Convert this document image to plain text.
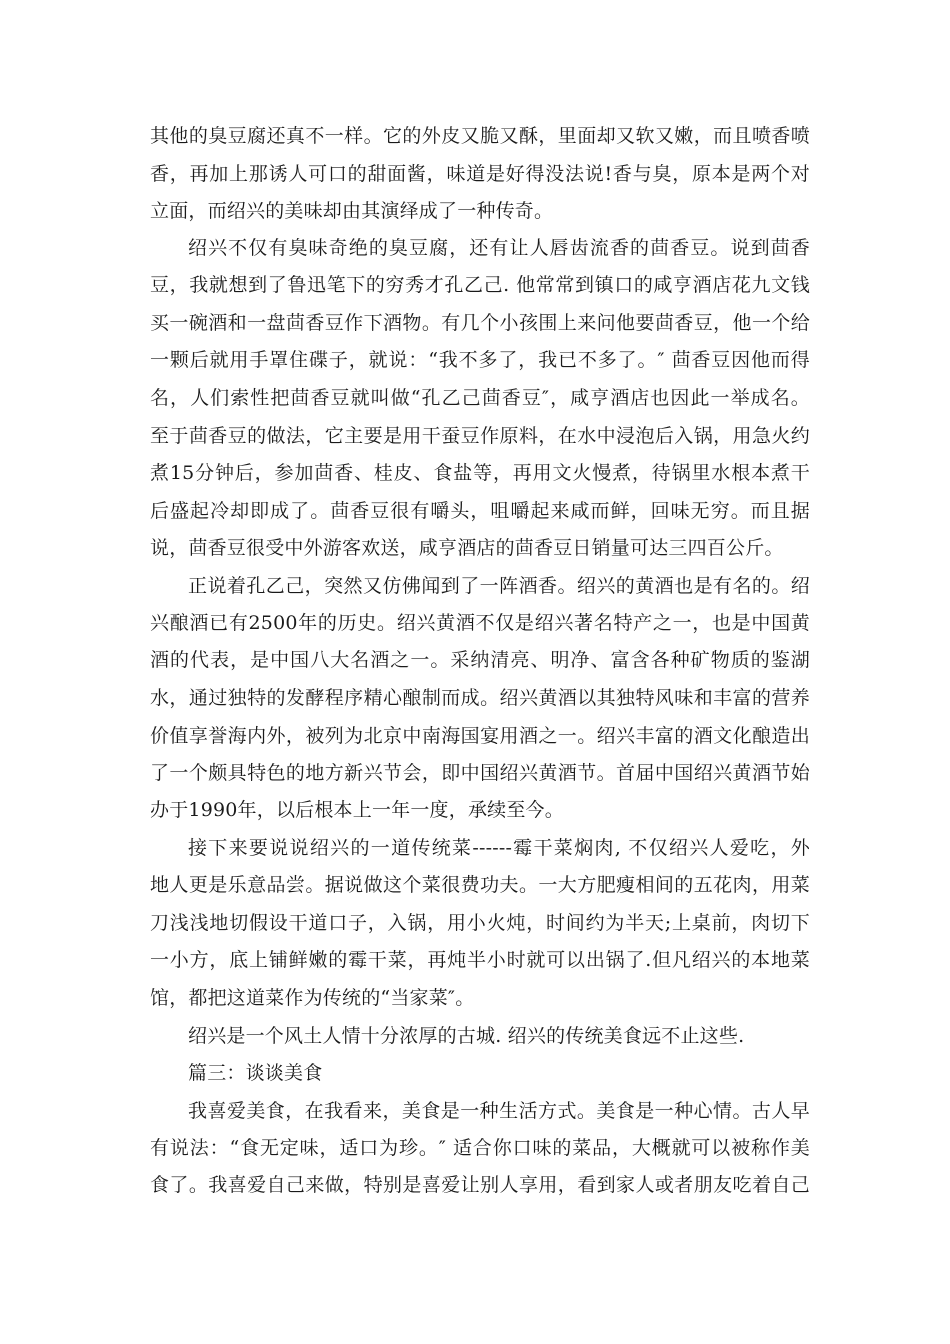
其他的臭豆腐还真不一样。它的外皮又脆又酥，里面却又软又嫩，而且喷香喷
香，再加上那诱人可口的甜面酱，味道是好得没法说!香与臭，原本是两个对
立面，而绍兴的美味却由其演绎成了一种传奇。
绍兴不仅有臭味奇绝的臭豆腐，还有让人唇齿流香的茴香豆。说到茴香
豆，我就想到了鲁迅笔下的穷秀才孔乙己. 他常常到镇口的咸亨酒店花九文钱
买一碗酒和一盘茴香豆作下酒物。有几个小孩围上来问他要茴香豆，他一个给
一颗后就用手罩住碟子，就说：“我不多了，我已不多了。″ 茴香豆因他而得
名，人们索性把茴香豆就叫做“孔乙己茴香豆″，咸亨酒店也因此一举成名。
至于茴香豆的做法，它主要是用干蚕豆作原料，在水中浸泡后入锅，用急火约
煮15分钟后，参加茴香、桂皮、食盐等，再用文火慢煮，待锅里水根本煮干
后盛起冷却即成了。茴香豆很有嚼头，咀嚼起来咸而鲜，回味无穷。而且据
说，茴香豆很受中外游客欢送，咸亨酒店的茴香豆日销量可达三四百公斤。
正说着孔乙己，突然又仿佛闻到了一阵酒香。绍兴的黄酒也是有名的。绍
兴酿酒已有2500年的历史。绍兴黄酒不仅是绍兴著名特产之一，也是中国黄
酒的代表，是中国八大名酒之一。采纳清亮、明净、富含各种矿物质的鉴湖
水，通过独特的发酵程序精心酿制而成。绍兴黄酒以其独特风味和丰富的营养
价值享誉海内外，被列为北京中南海国宴用酒之一。绍兴丰富的酒文化酿造出
了一个颇具特色的地方新兴节会，即中国绍兴黄酒节。首届中国绍兴黄酒节始
办于1990年，以后根本上一年一度，承续至今。
接下来要说说绍兴的一道传统菜------霉干菜焖肉, 不仅绍兴人爱吃，外
地人更是乐意品尝。据说做这个菜很费功夫。一大方肥瘦相间的五花肉，用菜
刀浅浅地切假设干道口子，入锅，用小火炖，时间约为半天;上桌前，肉切下
一小方，底上铺鲜嫩的霉干菜，再炖半小时就可以出锅了.但凡绍兴的本地菜
馆，都把这道菜作为传统的“当家菜″。
绍兴是一个风土人情十分浓厚的古城. 绍兴的传统美食远不止这些.
篇三：谈谈美食
我喜爱美食，在我看来，美食是一种生活方式。美食是一种心情。古人早
有说法：“食无定味，适口为珍。″ 适合你口味的菜品，大概就可以被称作美
食了。我喜爱自己来做，特别是喜爱让别人享用，看到家人或者朋友吃着自己
